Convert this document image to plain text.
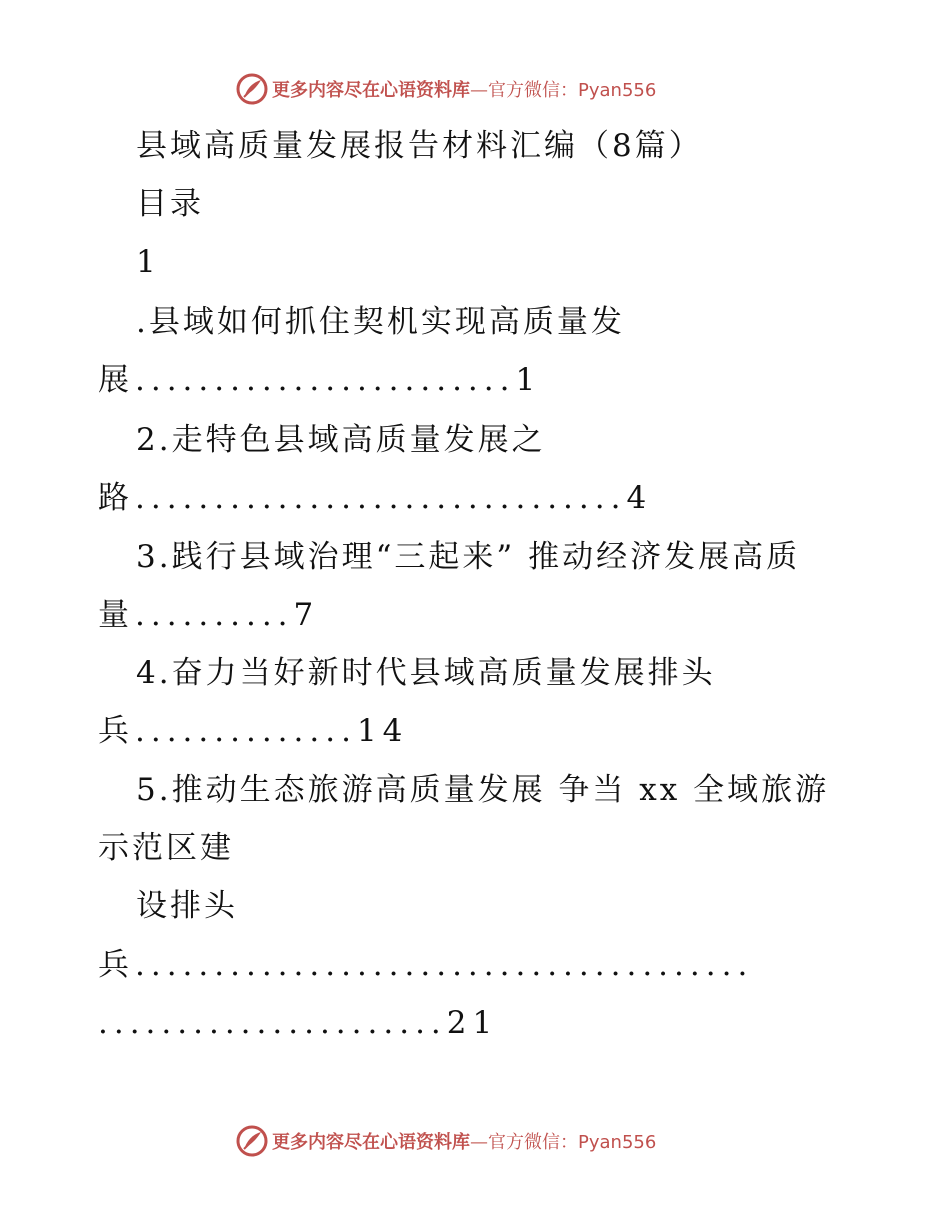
更多内容尽在心语资料库—官方微信：Pyan556
县域高质量发展报告材料汇编（8篇）
目录
1
.县域如何抓住契机实现高质量发
展........................1
2.走特色县域高质量发展之
路...............................4
3.践行县域治理“三起来” 推动经济发展高质
量..........7
4.奋力当好新时代县域高质量发展排头
兵..............14
5.推动生态旅游高质量发展 争当 xx 全域旅游
示范区建
设排头
兵.......................................
......................21
更多内容尽在心语资料库—官方微信：Pyan556
